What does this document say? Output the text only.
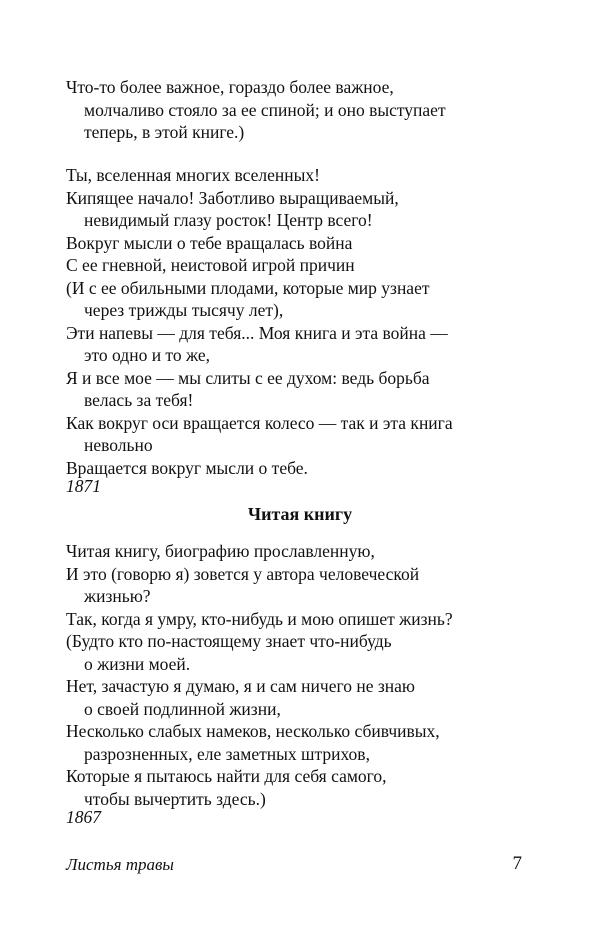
Что-то более важное, гораздо более важное,
молчаливо стояло за ее спиной; и оно выступает
теперь, в этой книге.)
Ты, вселенная многих вселенных!
Кипящее начало! Заботливо выращиваемый,
невидимый глазу росток! Центр всего!
Вокруг мысли о тебе вращалась война
С ее гневной, неистовой игрой причин
(И с ее обильными плодами, которые мир узнает
через трижды тысячу лет),
Эти напевы — для тебя... Моя книга и эта война —
это одно и то же,
Я и все мое — мы слиты с ее духом: ведь борьба
велась за тебя!
Как вокруг оси вращается колесо — так и эта книга
невольно
Вращается вокруг мысли о тебе.
1871
Читая книгу
Читая книгу, биографию прославленную,
И это (говорю я) зовется у автора человеческой
жизнью?
Так, когда я умру, кто-нибудь и мою опишет жизнь?
(Будто кто по-настоящему знает что-нибудь
о жизни моей.
Нет, зачастую я думаю, я и сам ничего не знаю
о своей подлинной жизни,
Несколько слабых намеков, несколько сбивчивых,
разрозненных, еле заметных штрихов,
Которые я пытаюсь найти для себя самого,
чтобы вычертить здесь.)
1867
Листья травы	7
